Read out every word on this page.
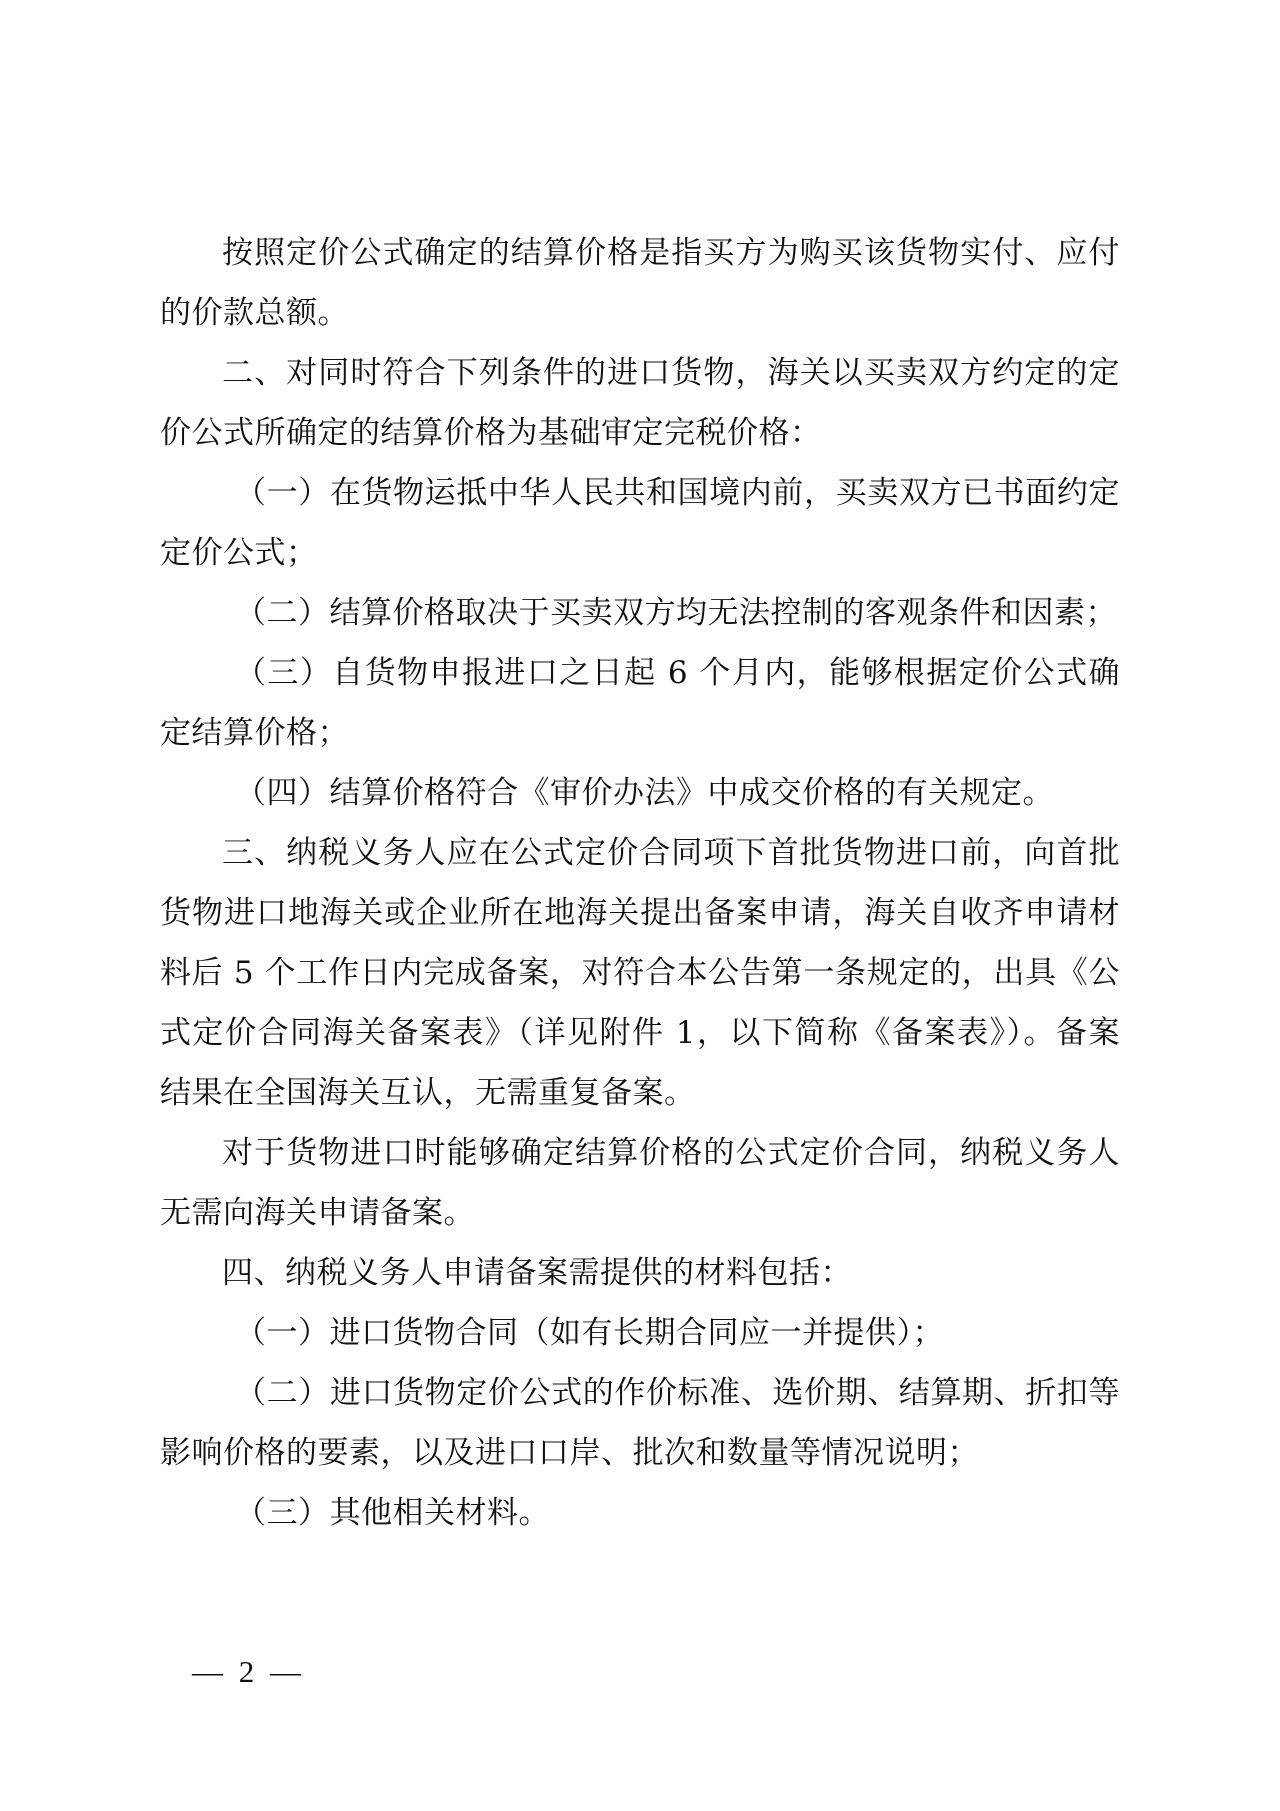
按照定价公式确定的结算价格是指买方为购买该货物实付、应付的价款总额。

二、对同时符合下列条件的进口货物，海关以买卖双方约定的定价公式所确定的结算价格为基础审定完税价格：

（一）在货物运抵中华人民共和国境内前，买卖双方已书面约定定价公式；

（二）结算价格取决于买卖双方均无法控制的客观条件和因素；

（三）自货物申报进口之日起 6 个月内，能够根据定价公式确定结算价格；

（四）结算价格符合《审价办法》中成交价格的有关规定。

三、纳税义务人应在公式定价合同项下首批货物进口前，向首批货物进口地海关或企业所在地海关提出备案申请，海关自收齐申请材料后 5 个工作日内完成备案，对符合本公告第一条规定的，出具《公式定价合同海关备案表》（详见附件 1，以下简称《备案表》）。备案结果在全国海关互认，无需重复备案。

对于货物进口时能够确定结算价格的公式定价合同，纳税义务人无需向海关申请备案。

四、纳税义务人申请备案需提供的材料包括：

（一）进口货物合同（如有长期合同应一并提供）；

（二）进口货物定价公式的作价标准、选价期、结算期、折扣等影响价格的要素，以及进口口岸、批次和数量等情况说明；

（三）其他相关材料。

— 2 —
